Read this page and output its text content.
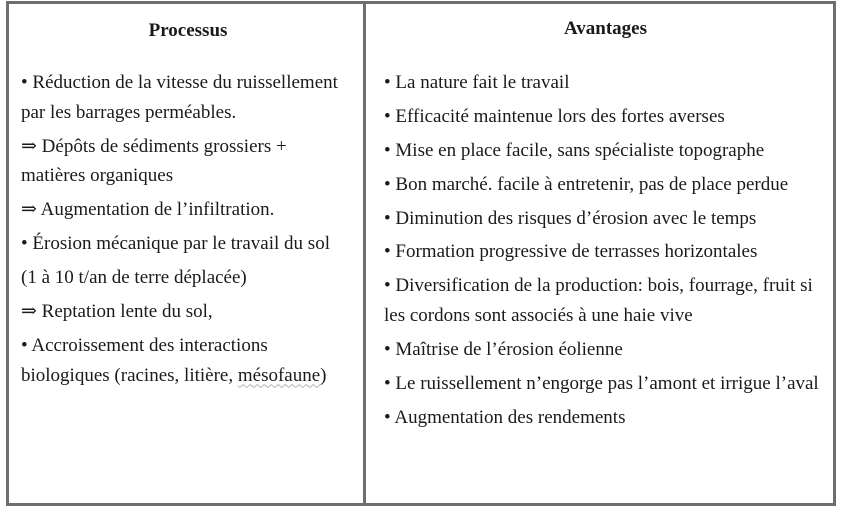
Processus

• Réduction de la vitesse du ruissellement par les barrages perméables.

⇒ Dépôts de sédiments grossiers + matières organiques

⇒ Augmentation de l’infiltration.

• Érosion mécanique par le travail du sol

(1 à 10 t/an de terre déplacée)

⇒ Reptation lente du sol,

• Accroissement des interactions biologiques (racines, litière, mésofaune)

Avantages

• La nature fait le travail

• Efficacité maintenue lors des fortes averses

• Mise en place facile, sans spécialiste topographe

• Bon marché. facile à entretenir, pas de place perdue

• Diminution des risques d’érosion avec le temps

• Formation progressive de terrasses horizontales

• Diversification de la production: bois, fourrage, fruit si les cordons sont associés à une haie vive

• Maîtrise de l’érosion éolienne

• Le ruissellement n’engorge pas l’amont et irrigue l’aval

• Augmentation des rendements
